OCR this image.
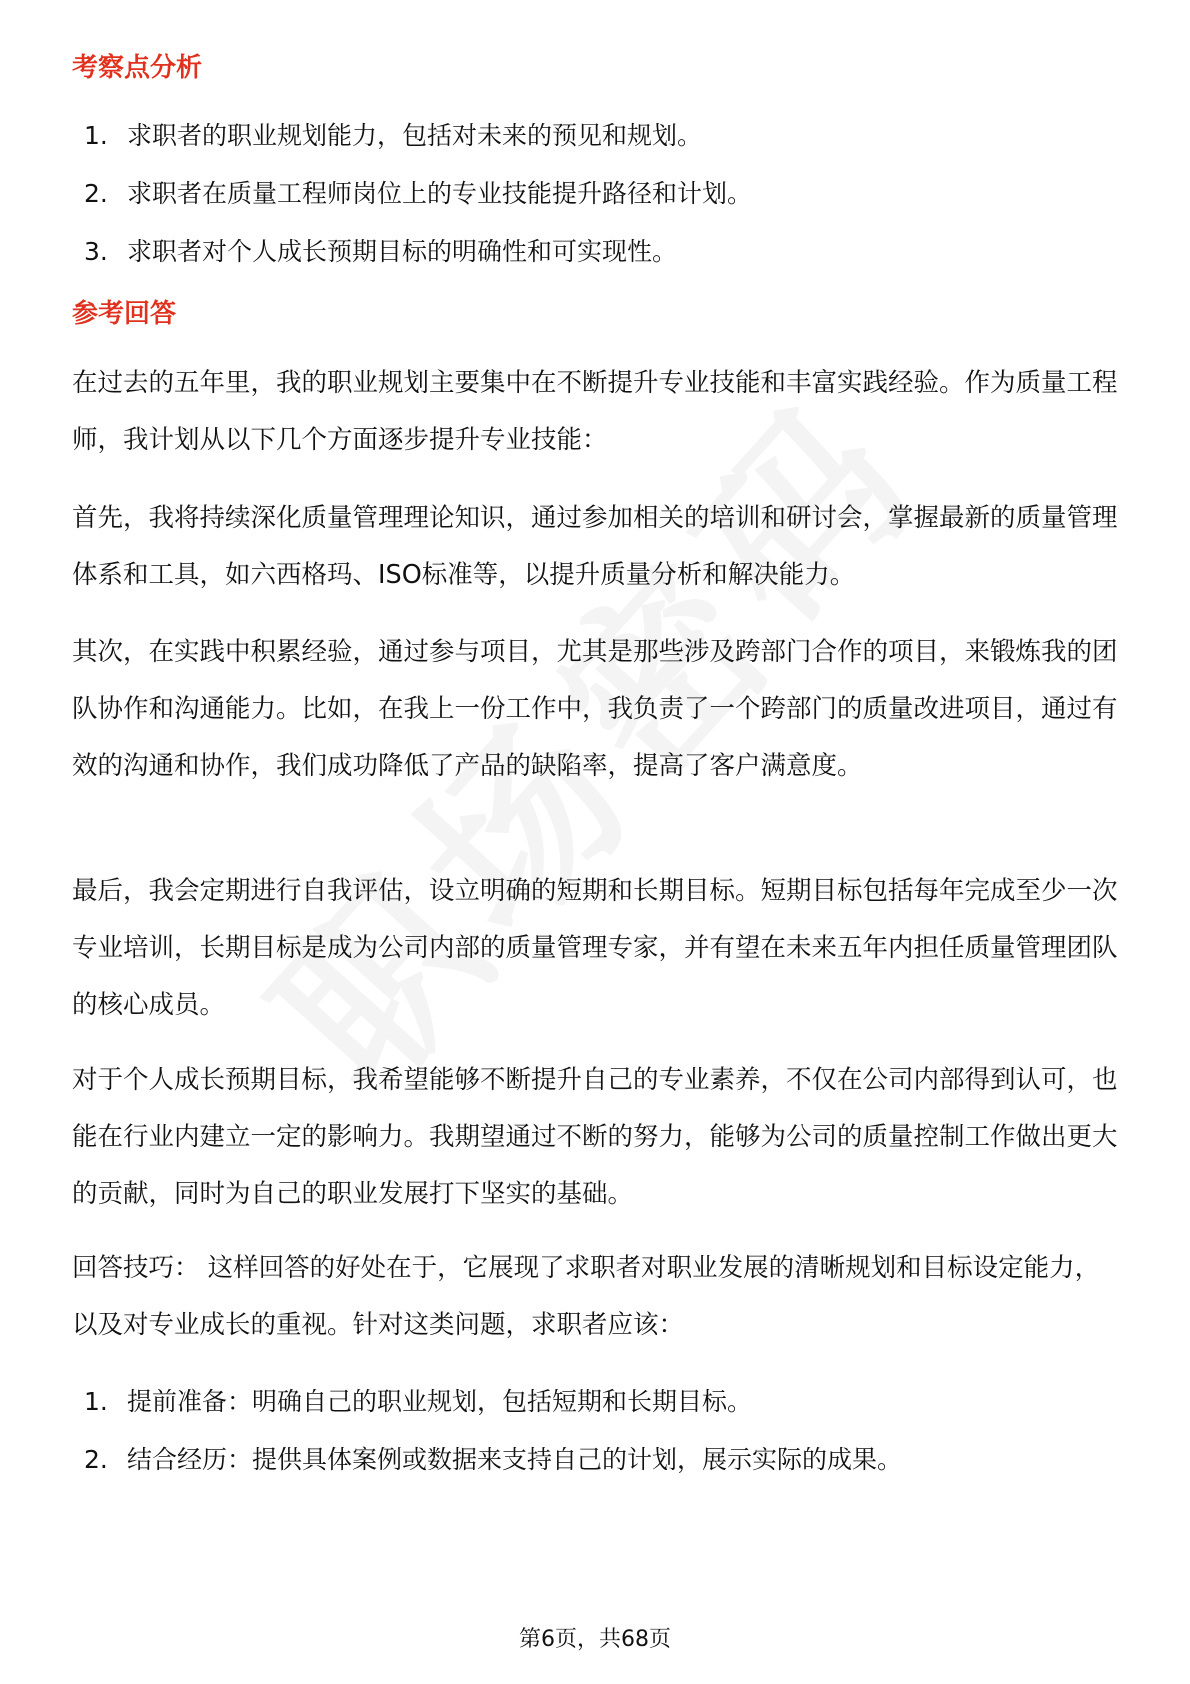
考察点分析
1. 求职者的职业规划能力，包括对未来的预见和规划。
2. 求职者在质量工程师岗位上的专业技能提升路径和计划。
3. 求职者对个人成长预期目标的明确性和可实现性。
参考回答

在过去的五年里，我的职业规划主要集中在不断提升专业技能和丰富实践经验。作为质量工程师，我计划从以下几个方面逐步提升专业技能：

首先，我将持续深化质量管理理论知识，通过参加相关的培训和研讨会，掌握最新的质量管理体系和工具，如六西格玛、ISO标准等，以提升质量分析和解决能力。

其次，在实践中积累经验，通过参与项目，尤其是那些涉及跨部门合作的项目，来锻炼我的团队协作和沟通能力。比如，在我上一份工作中，我负责了一个跨部门的质量改进项目，通过有效的沟通和协作，我们成功降低了产品的缺陷率，提高了客户满意度。

最后，我会定期进行自我评估，设立明确的短期和长期目标。短期目标包括每年完成至少一次专业培训，长期目标是成为公司内部的质量管理专家，并有望在未来五年内担任质量管理团队的核心成员。

对于个人成长预期目标，我希望能够不断提升自己的专业素养，不仅在公司内部得到认可，也能在行业内建立一定的影响力。我期望通过不断的努力，能够为公司的质量控制工作做出更大的贡献，同时为自己的职业发展打下坚实的基础。

回答技巧： 这样回答的好处在于，它展现了求职者对职业发展的清晰规划和目标设定能力，以及对专业成长的重视。针对这类问题，求职者应该：

1. 提前准备：明确自己的职业规划，包括短期和长期目标。
2. 结合经历：提供具体案例或数据来支持自己的计划，展示实际的成果。
第6页，共68页
